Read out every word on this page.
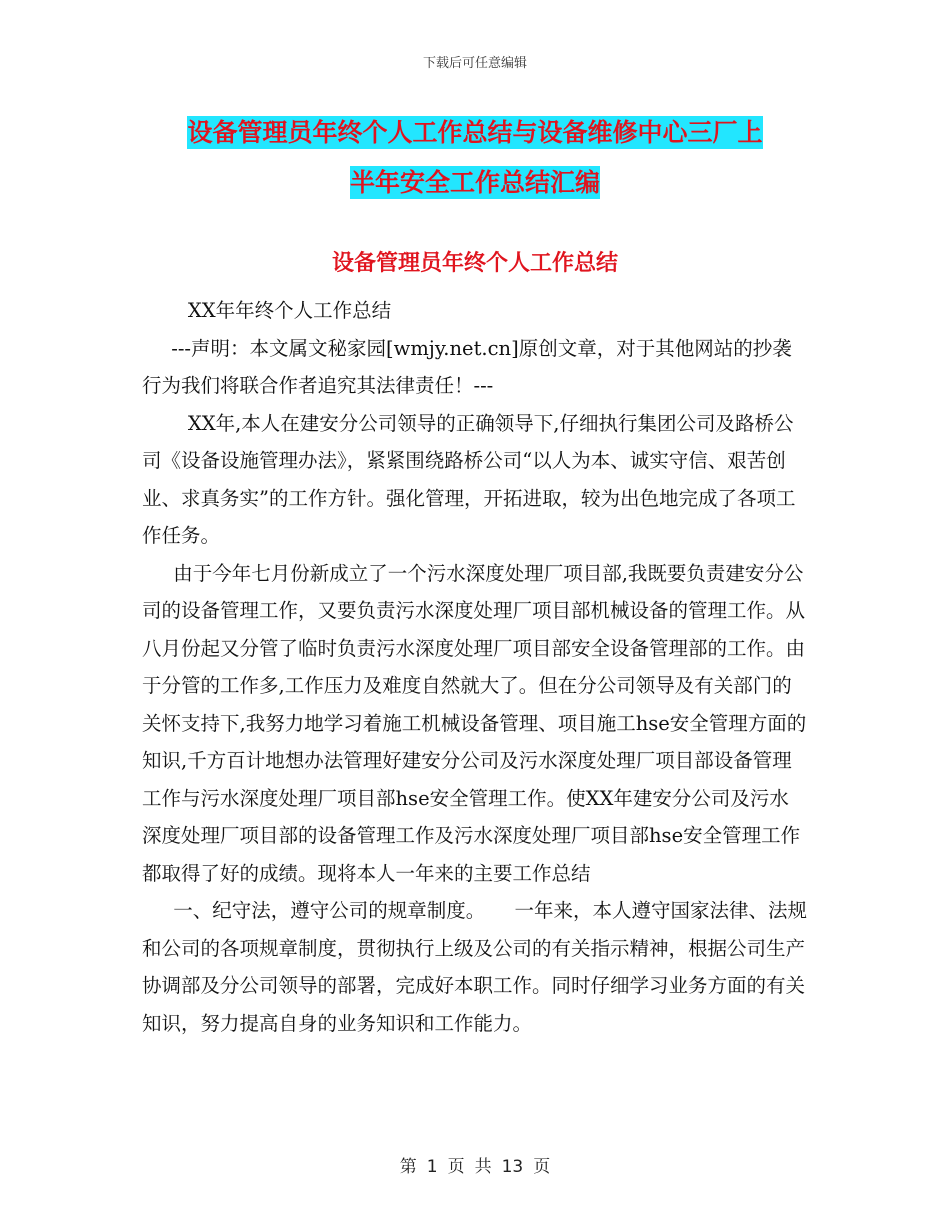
下载后可任意编辑
设备管理员年终个人工作总结与设备维修中心三厂上
半年安全工作总结汇编
设备管理员年终个人工作总结

XX年年终个人工作总结

---声明：本文属文秘家园[wmjy.net.cn]原创文章，对于其他网站的抄袭行为我们将联合作者追究其法律责任！---

XX年,本人在建安分公司领导的正确领导下,仔细执行集团公司及路桥公司《设备设施管理办法》，紧紧围绕路桥公司“以人为本、诚实守信、艰苦创业、求真务实”的工作方针。强化管理，开拓进取，较为出色地完成了各项工作任务。

由于今年七月份新成立了一个污水深度处理厂项目部,我既要负责建安分公司的设备管理工作，又要负责污水深度处理厂项目部机械设备的管理工作。从八月份起又分管了临时负责污水深度处理厂项目部安全设备管理部的工作。由于分管的工作多,工作压力及难度自然就大了。但在分公司领导及有关部门的关怀支持下,我努力地学习着施工机械设备管理、项目施工hse安全管理方面的知识,千方百计地想办法管理好建安分公司及污水深度处理厂项目部设备管理工作与污水深度处理厂项目部hse安全管理工作。使XX年建安分公司及污水深度处理厂项目部的设备管理工作及污水深度处理厂项目部hse安全管理工作都取得了好的成绩。现将本人一年来的主要工作总结

一、纪守法，遵守公司的规章制度。　　一年来，本人遵守国家法律、法规和公司的各项规章制度，贯彻执行上级及公司的有关指示精神，根据公司生产协调部及分公司领导的部署，完成好本职工作。同时仔细学习业务方面的有关知识，努力提高自身的业务知识和工作能力。

第 1 页 共 13 页
